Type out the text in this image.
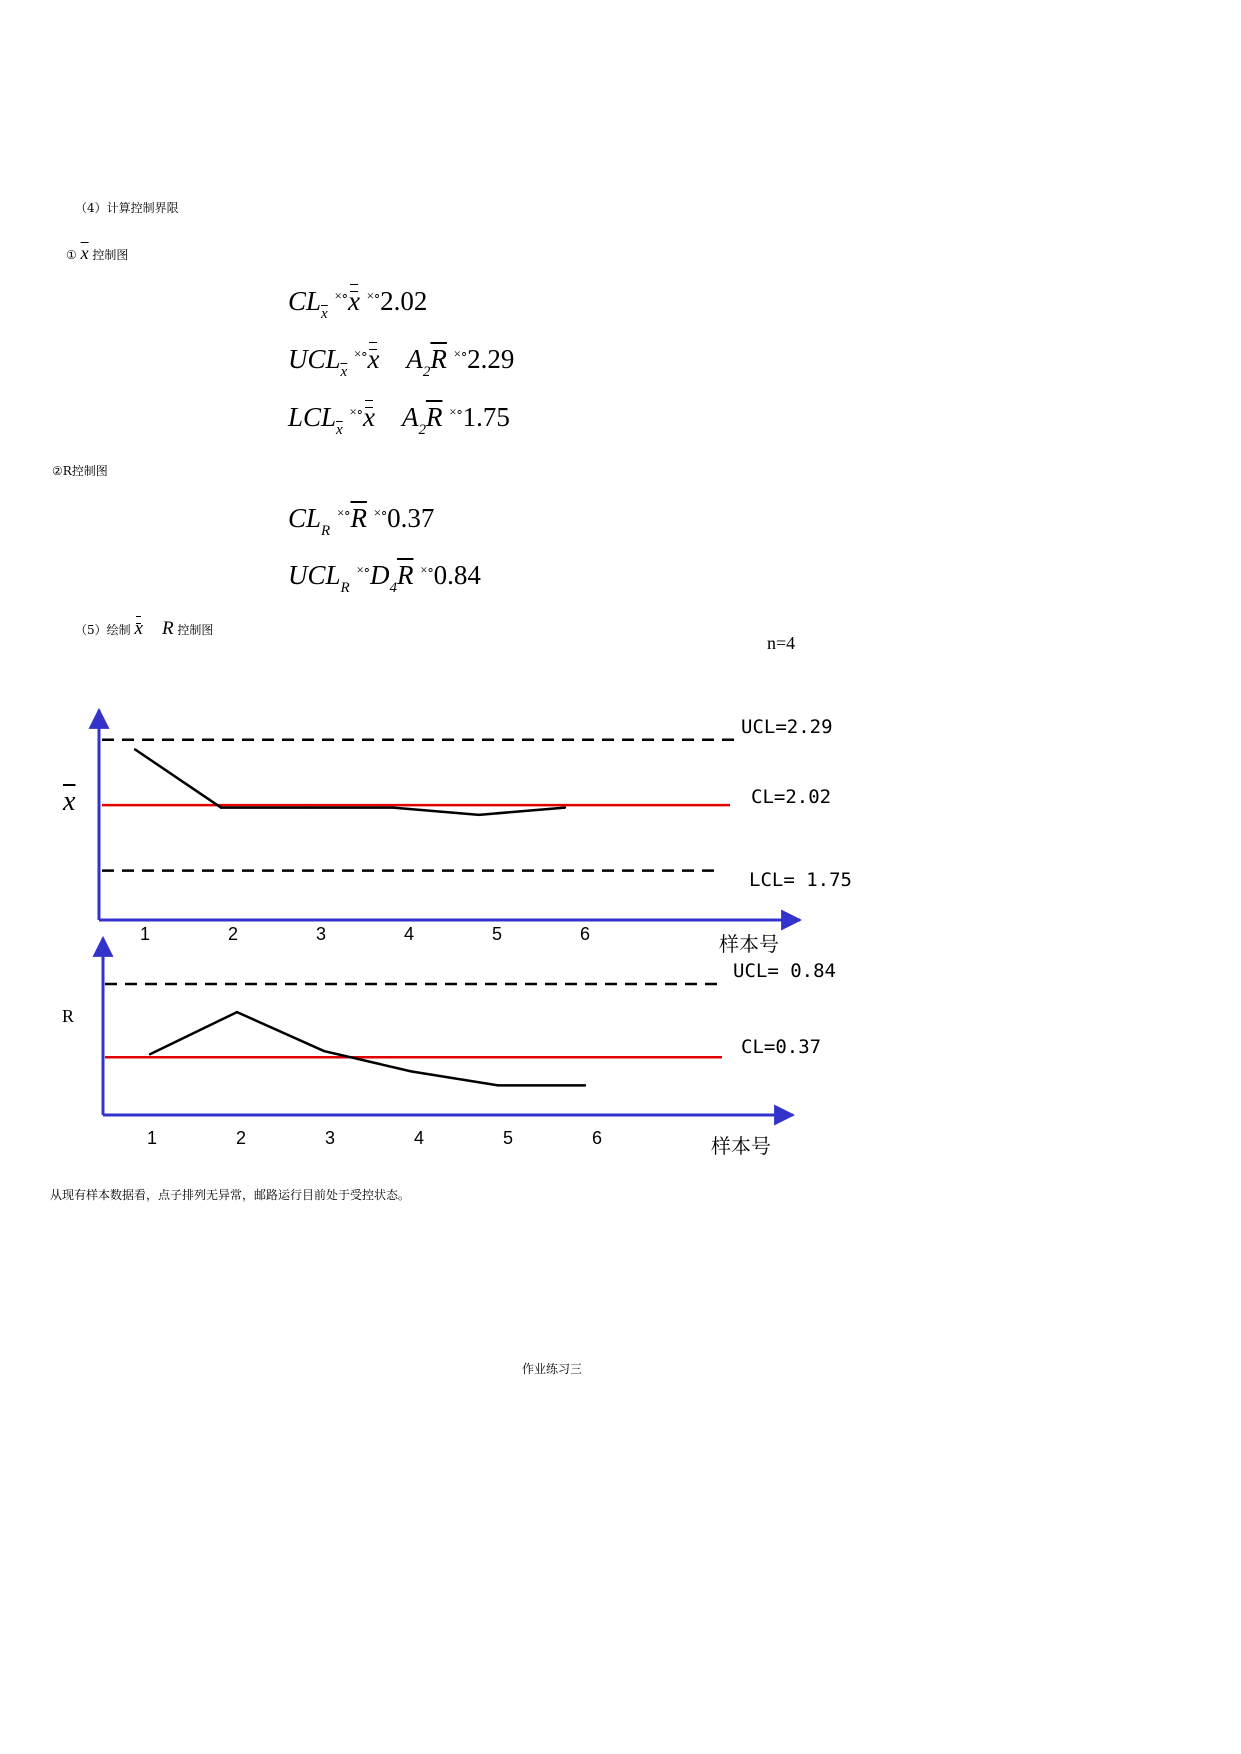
（4）计算控制界限
① $\overline{x}$ 控制图
$CL_{\overline{x}}$ ×∘x ×∘2.02
$UCL_{\overline{x}}$ ×∘x $A_2\overline{R}$ ×∘2.29
$LCL_{\overline{x}}$ ×∘x $A_2\overline{R}$ ×∘1.75
②R控制图
$CL_R$ $^{\times\circ}\overline{R}$ ×∘0.37
$UCL_R$ $^{\times\circ}D_4\overline{R}$ ×∘0.84
（5）绘制 x R 控制图
n=4
1	2	3	4	5	6
1	2	3	4	5	6
UCL=2.29
CL=2.02
LCL= 1.75
$\overline{x}$
样本号
UCL= 0.84
CL=0.37
R
样本号
从现有样本数据看，点子排列无异常，邮路运行目前处于受控状态。
作业练习三
